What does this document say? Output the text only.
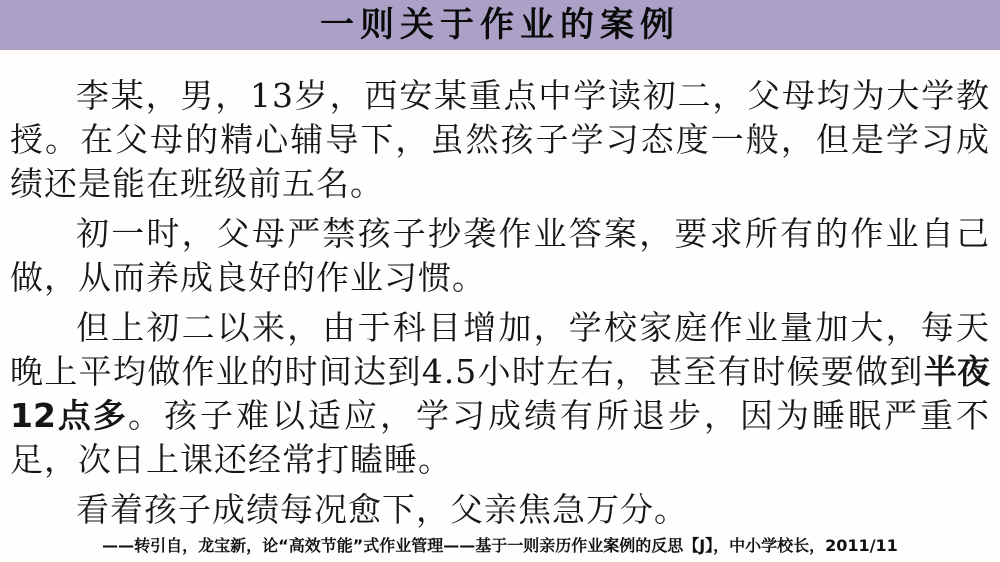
一则关于作业的案例

李某，男，13岁，西安某重点中学读初二，父母均为大学教授。在父母的精心辅导下，虽然孩子学习态度一般，但是学习成绩还是能在班级前五名。

初一时，父母严禁孩子抄袭作业答案，要求所有的作业自己做，从而养成良好的作业习惯。

但上初二以来，由于科目增加，学校家庭作业量加大，每天晚上平均做作业的时间达到4.5小时左右，甚至有时候要做到半夜12点多。孩子难以适应，学习成绩有所退步，因为睡眠严重不足，次日上课还经常打瞌睡。

看着孩子成绩每况愈下，父亲焦急万分。

——转引自，龙宝新，论“高效节能”式作业管理——基于一则亲历作业案例的反思【J】，中小学校长，2011/11
